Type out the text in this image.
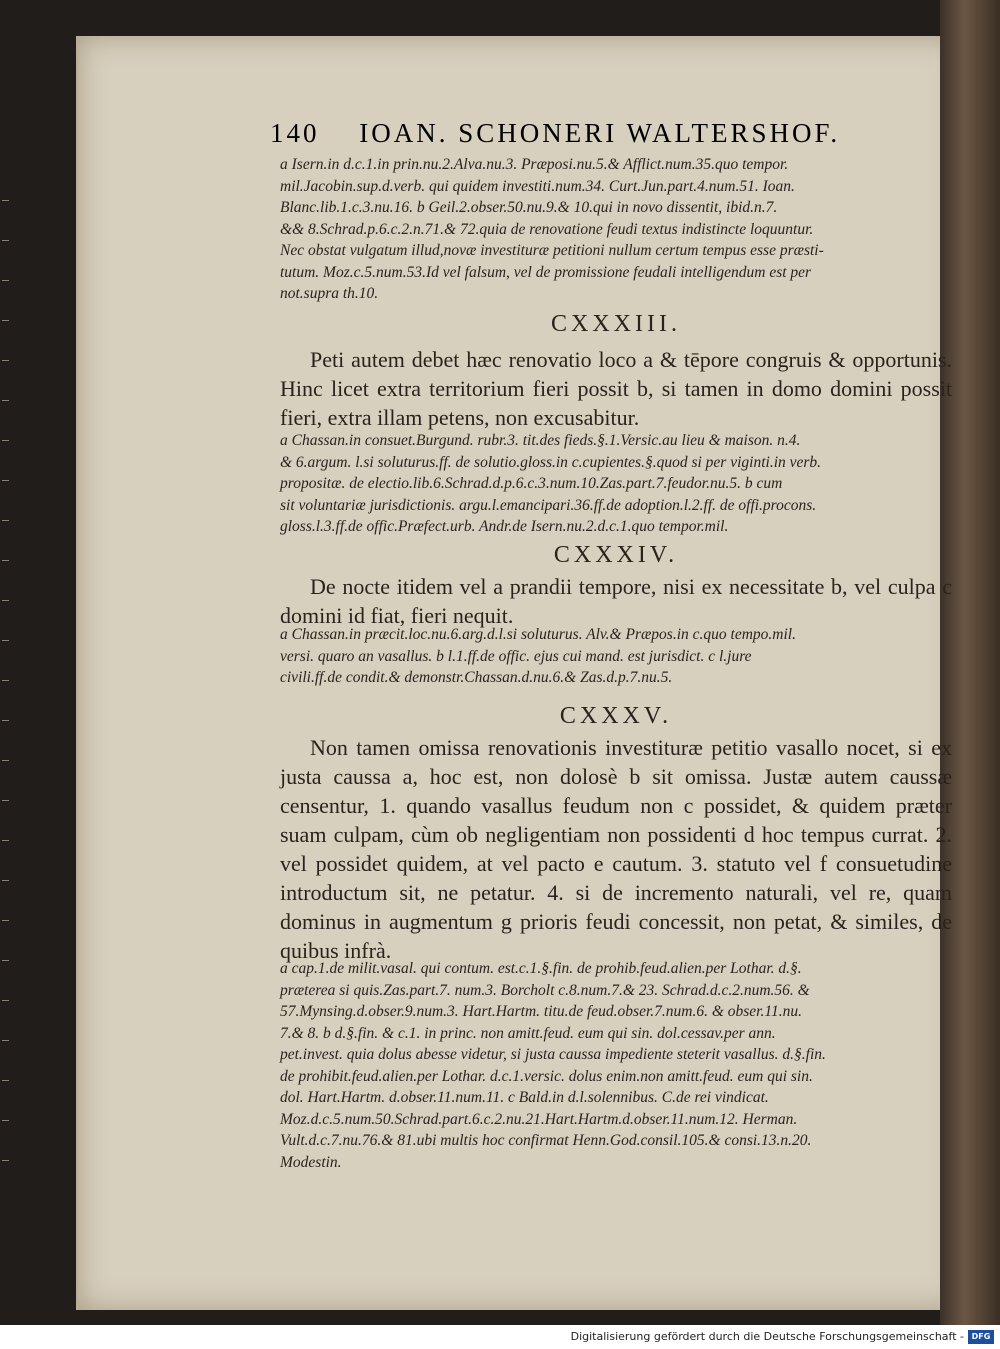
140 IOAN. SCHONERI WALTERSHOF.
a Isern.in d.c.1.in prin.nu.2.Alva.nu.3. Præposi.nu.5.& Afflict.num.35.quo tempor.
mil.Jacobin.sup.d.verb. qui quidem investiti.num.34. Curt.Jun.part.4.num.51. Ioan.
Blanc.lib.1.c.3.nu.16. b Geil.2.obser.50.nu.9.& 10.qui in novo dissentit, ibid.n.7.
&& 8.Schrad.p.6.c.2.n.71.& 72.quia de renovatione feudi textus indistincte loquuntur.
Nec obstat vulgatum illud,novæ investituræ petitioni nullum certum tempus esse præsti-
tutum. Moz.c.5.num.53.Id vel falsum, vel de promissione feudali intelligendum est per
not.supra th.10.
CXXXIII.
Peti autem debet hæc renovatio loco a & tēpore congruis & opportunis. Hinc licet extra territorium fieri possit b, si tamen in domo domini possit fieri, extra illam petens, non excusabitur.
a Chassan.in consuet.Burgund. rubr.3. tit.des fieds.§.1.Versic.au lieu & maison. n.4.
& 6.argum. l.si soluturus.ff. de solutio.gloss.in c.cupientes.§.quod si per viginti.in verb.
propositæ. de electio.lib.6.Schrad.d.p.6.c.3.num.10.Zas.part.7.feudor.nu.5. b cum
sit voluntariæ jurisdictionis. argu.l.emancipari.36.ff.de adoption.l.2.ff. de offi.procons.
gloss.l.3.ff.de offic.Præfect.urb. Andr.de Isern.nu.2.d.c.1.quo tempor.mil.
CXXXIV.
De nocte itidem vel a prandii tempore, nisi ex necessitate b, vel culpa c domini id fiat, fieri nequit.
a Chassan.in præcit.loc.nu.6.arg.d.l.si soluturus. Alv.& Præpos.in c.quo tempo.mil.
versi. quaro an vasallus. b l.1.ff.de offic. ejus cui mand. est jurisdict. c l.jure
civili.ff.de condit.& demonstr.Chassan.d.nu.6.& Zas.d.p.7.nu.5.
CXXXV.
Non tamen omissa renovationis investituræ petitio vasallo nocet, si ex justa caussa a, hoc est, non dolosè b sit omissa. Justæ autem caussæ censentur, 1. quando vasallus feudum non c possidet, & quidem præter suam culpam, cùm ob negligentiam non possidenti d hoc tempus currat. 2. vel possidet quidem, at vel pacto e cautum. 3. statuto vel f consuetudine introductum sit, ne petatur. 4. si de incremento naturali, vel re, quam dominus in augmentum g prioris feudi concessit, non petat, & similes, de quibus infrà.
a cap.1.de milit.vasal. qui contum. est.c.1.§.fin. de prohib.feud.alien.per Lothar. d.§.
præterea si quis.Zas.part.7. num.3. Borcholt c.8.num.7.& 23. Schrad.d.c.2.num.56. &
57.Mynsing.d.obser.9.num.3. Hart.Hartm. titu.de feud.obser.7.num.6. & obser.11.nu.
7.& 8. b d.§.fin. & c.1. in princ. non amitt.feud. eum qui sin. dol.cessav.per ann.
pet.invest. quia dolus abesse videtur, si justa caussa impediente steterit vasallus. d.§.fin.
de prohibit.feud.alien.per Lothar. d.c.1.versic. dolus enim.non amitt.feud. eum qui sin.
dol. Hart.Hartm. d.obser.11.num.11. c Bald.in d.l.solennibus. C.de rei vindicat.
Moz.d.c.5.num.50.Schrad.part.6.c.2.nu.21.Hart.Hartm.d.obser.11.num.12. Herman.
Vult.d.c.7.nu.76.& 81.ubi multis hoc confirmat Henn.God.consil.105.& consi.13.n.20.
Modestin.
Digitalisierung gefördert durch die Deutsche Forschungsgemeinschaft - DFG
